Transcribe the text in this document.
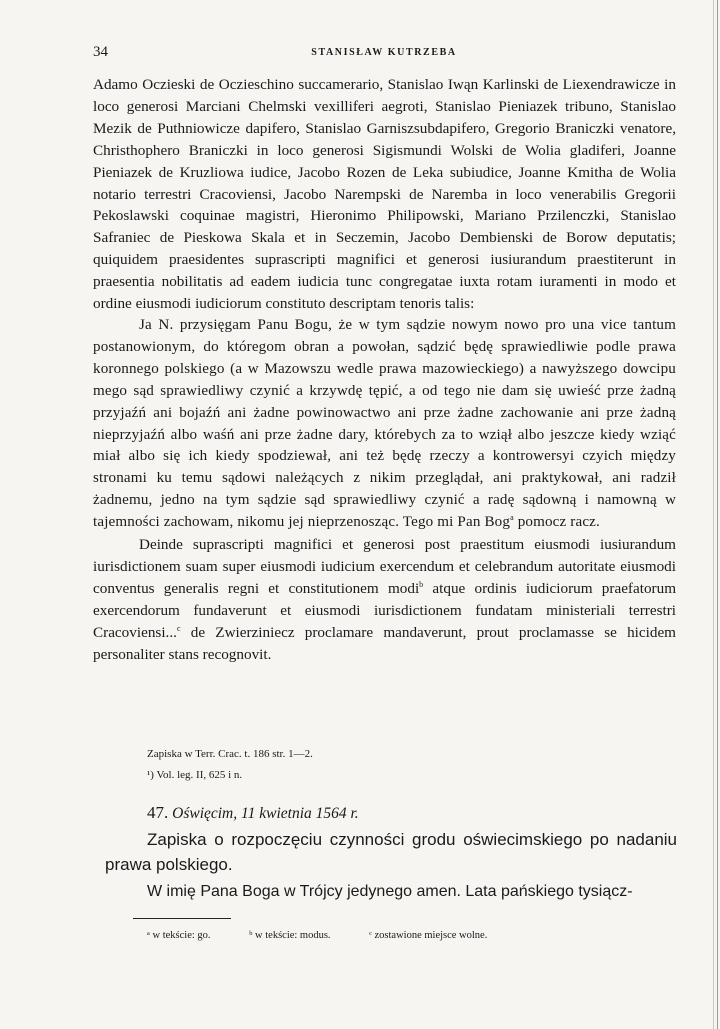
34	STANISŁAW KUTRZEBA

Adamo Oczieski de Oczieschino succamerario, Stanislao Iwąn Karlinski de Liexendrawicze in loco generosi Marciani Chelmski vexilliferi aegroti, Stanislao Pieniazek tribuno, Stanislao Mezik de Puthniowicze dapifero, Stanislao Garniszsubdapifero, Gregorio Braniczki venatore, Christhophero Braniczki in loco generosi Sigismundi Wolski de Wolia gladiferi, Joanne Pieniazek de Kruzliowa iudice, Jacobo Rozen de Leka subiudice, Joanne Kmitha de Wolia notario terrestri Cracoviensi, Jacobo Narempski de Naremba in loco venerabilis Gregorii Pekoslawski coquinae magistri, Hieronimo Philipowski, Mariano Przilenczki, Stanislao Safraniec de Pieskowa Skala et in Seczemin, Jacobo Dembienski de Borow deputatis; quiquidem praesidentes suprascripti magnifici et generosi iusiurandum praestiterunt in praesentia nobilitatis ad eadem iudicia tunc congregatae iuxta rotam iuramenti in modo et ordine eiusmodi iudiciorum constituto descriptam tenoris talis:

Ja N. przysięgam Panu Bogu, że w tym sądzie nowym nowo pro una vice tantum postanowionym, do któregom obran a powołan, sądzić będę sprawiedliwie podle prawa koronnego polskiego (a w Mazowszu wedle prawa mazowieckiego) a nawyższego dowcipu mego sąd sprawiedliwy czynić a krzywdę tępić, a od tego nie dam się uwieść prze żadną przyjaźń ani bojaźń ani żadne powinowactwo ani prze żadne zachowanie ani prze żadną nieprzyjaźń albo waśń ani prze żadne dary, którebych za to wziął albo jeszcze kiedy wziąć miał albo się ich kiedy spodziewał, ani też będę rzeczy a kontrowersyi czyich między stronami ku temu sądowi należących z nikim przeglądał, ani praktykował, ani radził żadnemu, jedno na tym sądzie sąd sprawiedliwy czynić a radę sądowną i namowną w tajemności zachowam, nikomu jej nieprzenosząc. Tego mi Pan Bog$^a$ pomocz racz.

Deinde suprascripti magnifici et generosi post praestitum eiusmodi iusiurandum iurisdictionem suam super eiusmodi iudicium exercendum et celebrandum autoritate eiusmodi conventus generalis regni et constitutionem modi$^b$ atque ordinis iudiciorum praefatorum exercendorum fundaverunt et eiusmodi iurisdictionem fundatam ministeriali terrestri Cracoviensi...$^c$ de Zwierziniecz proclamare mandaverunt, prout proclamasse se hicidem personaliter stans recognovit.

Zapiska w Terr. Crac. t. 186 str. 1—2.
¹) Vol. leg. II, 625 i n.
47. Oświęcim, 11 kwietnia 1564 r.

Zapiska o rozpoczęciu czynności grodu oświecimskiego po nadaniu prawa polskiego.

W imię Pana Boga w Trójcy jedynego amen. Lata pańskiego tysiącz-
ᵃ w tekście: go.	ᵇ w tekście: modus.	ᶜ zostawione miejsce wolne.
